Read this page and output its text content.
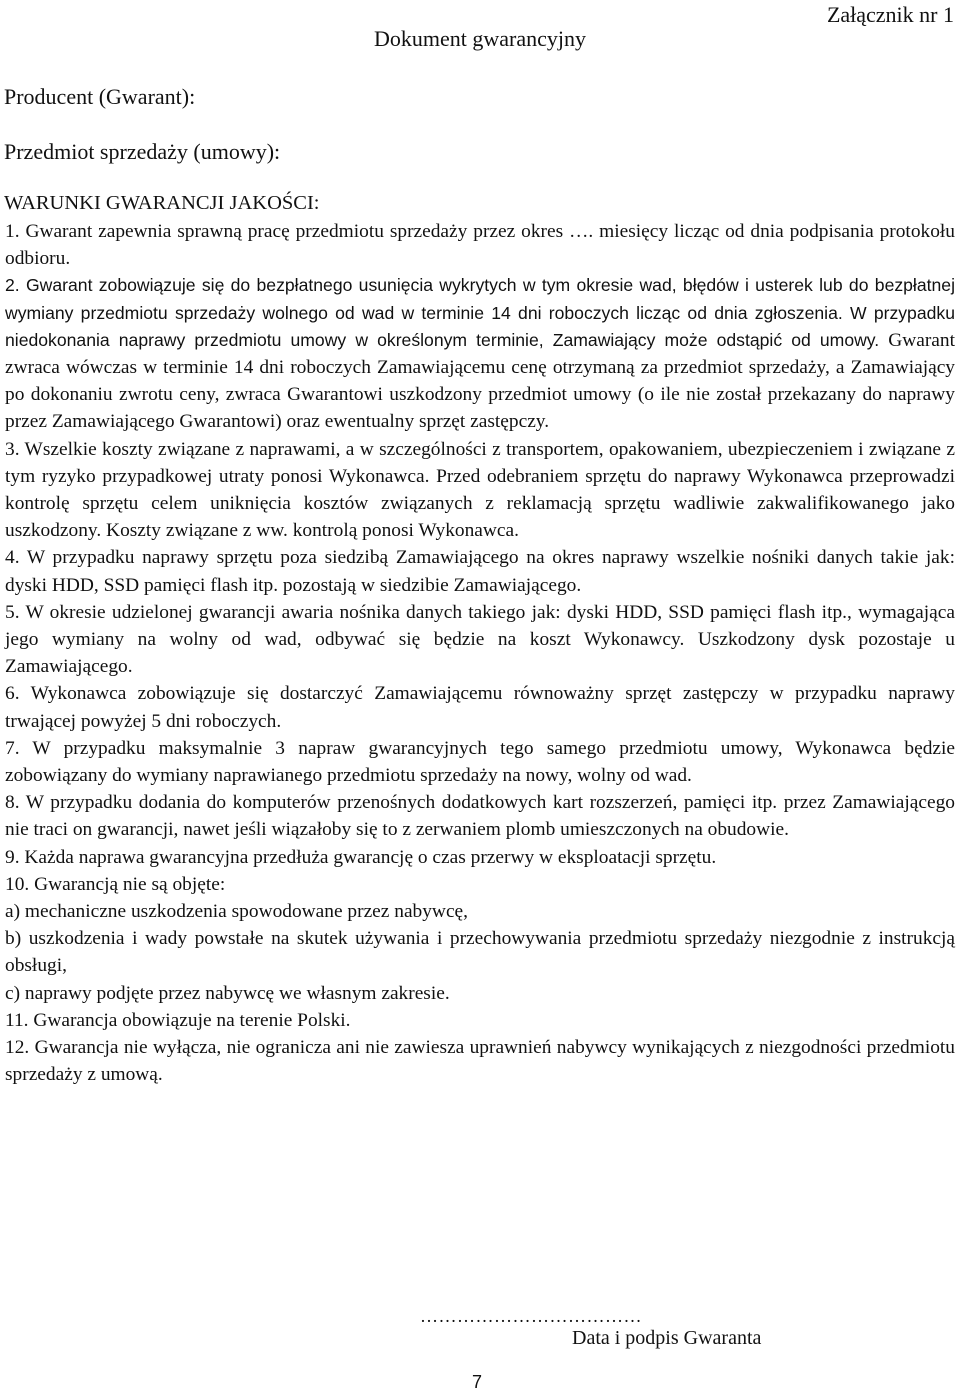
Załącznik nr 1
Dokument gwarancyjny
Producent (Gwarant):
Przedmiot sprzedaży (umowy):
WARUNKI GWARANCJI JAKOŚCI:

1. Gwarant zapewnia sprawną pracę przedmiotu sprzedaży przez okres …. miesięcy licząc od dnia podpisania protokołu odbioru.

2. Gwarant zobowiązuje się do bezpłatnego usunięcia wykrytych w tym okresie wad, błędów i usterek lub do bezpłatnej wymiany przedmiotu sprzedaży wolnego od wad w terminie 14 dni roboczych licząc od dnia zgłoszenia. W przypadku niedokonania naprawy przedmiotu umowy w określonym terminie, Zamawiający może odstąpić od umowy. Gwarant zwraca wówczas w terminie 14 dni roboczych Zamawiającemu cenę otrzymaną za przedmiot sprzedaży, a Zamawiający po dokonaniu zwrotu ceny, zwraca Gwarantowi uszkodzony przedmiot umowy (o ile nie został przekazany do naprawy przez Zamawiającego Gwarantowi) oraz ewentualny sprzęt zastępczy.

3. Wszelkie koszty związane z naprawami, a w szczególności z transportem, opakowaniem, ubezpieczeniem i związane z tym ryzyko przypadkowej utraty ponosi Wykonawca. Przed odebraniem sprzętu do naprawy Wykonawca przeprowadzi kontrolę sprzętu celem uniknięcia kosztów związanych z reklamacją sprzętu wadliwie zakwalifikowanego jako uszkodzony. Koszty związane z ww. kontrolą ponosi Wykonawca.

4. W przypadku naprawy sprzętu poza siedzibą Zamawiającego na okres naprawy wszelkie nośniki danych takie jak: dyski HDD, SSD pamięci flash itp. pozostają w siedzibie Zamawiającego.

5. W okresie udzielonej gwarancji awaria nośnika danych takiego jak: dyski HDD, SSD pamięci flash itp., wymagająca jego wymiany na wolny od wad, odbywać się będzie na koszt Wykonawcy. Uszkodzony dysk pozostaje u Zamawiającego.

6. Wykonawca zobowiązuje się dostarczyć Zamawiającemu równoważny sprzęt zastępczy w przypadku naprawy trwającej powyżej 5 dni roboczych.

7. W przypadku maksymalnie 3 napraw gwarancyjnych tego samego przedmiotu umowy, Wykonawca będzie zobowiązany do wymiany naprawianego przedmiotu sprzedaży na nowy, wolny od wad.

8. W przypadku dodania do komputerów przenośnych dodatkowych kart rozszerzeń, pamięci itp. przez Zamawiającego nie traci on gwarancji, nawet jeśli wiązałoby się to z zerwaniem plomb umieszczonych na obudowie.

9. Każda naprawa gwarancyjna przedłuża gwarancję o czas przerwy w eksploatacji sprzętu.

10. Gwarancją nie są objęte:

a) mechaniczne uszkodzenia spowodowane przez nabywcę,

b) uszkodzenia i wady powstałe na skutek używania i przechowywania przedmiotu sprzedaży niezgodnie z instrukcją obsługi,

c) naprawy podjęte przez nabywcę we własnym zakresie.

11. Gwarancja obowiązuje na terenie Polski.

12. Gwarancja nie wyłącza, nie ogranicza ani nie zawiesza uprawnień nabywcy wynikających z niezgodności przedmiotu sprzedaży z umową.

………………………………
Data i podpis Gwaranta
7
